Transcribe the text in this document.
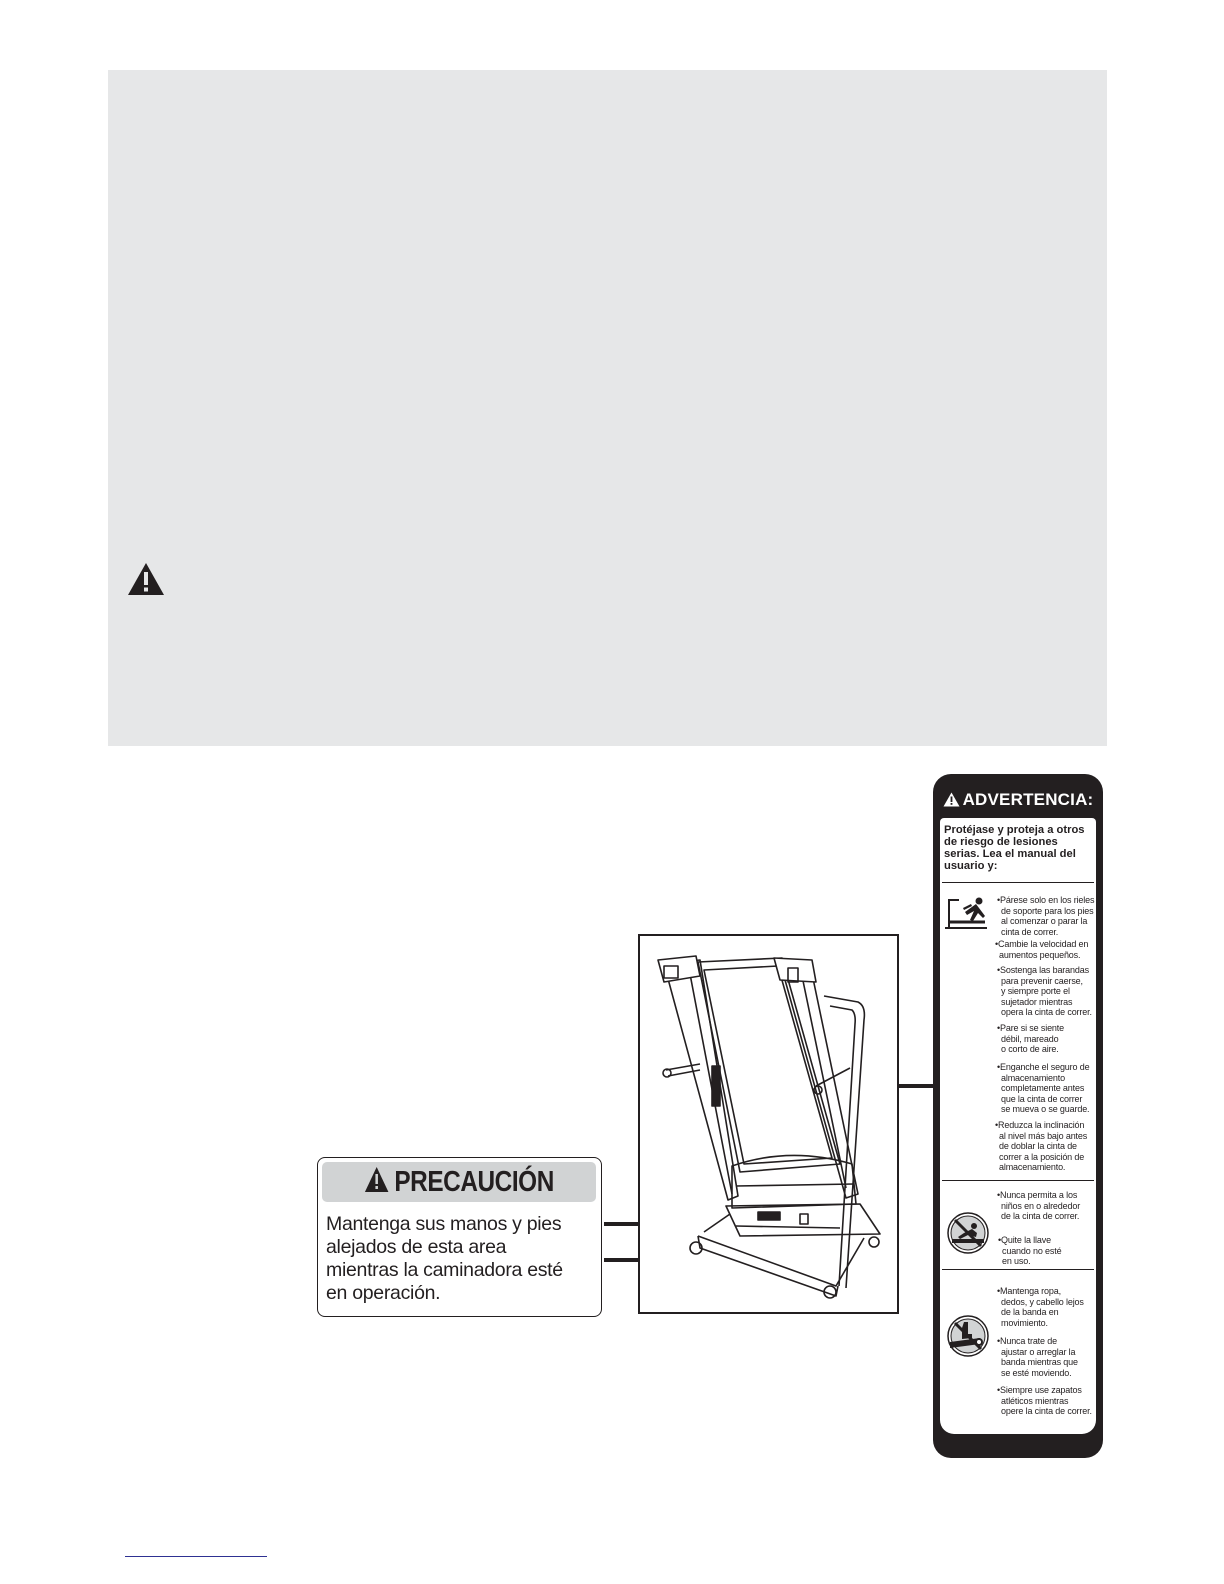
PRECAUCIÓN
Mantenga sus manos y pies
alejados de esta area
mientras la caminadora esté
en operación.
ADVERTENCIA:
Protéjase y proteja a otros de riesgo de lesiones serias. Lea el manual del usuario y:
•Párese solo en los rieles
de soporte para los pies
al comenzar o parar la
cinta de correr.
•Cambie la velocidad en
aumentos pequeños.
•Sostenga las barandas
para prevenir caerse,
y siempre porte el
sujetador mientras
opera la cinta de correr.
•Pare si se siente
débil, mareado
o corto de aire.
•Enganche el seguro de
almacenamiento
completamente antes
que la cinta de correr
se mueva o se guarde.
•Reduzca la inclinación
al nivel más bajo antes
de doblar la cinta de
correr a la posición de
almacenamiento.
•Nunca permita a los
niños en o alrededor
de la cinta de correr.
•Quite la llave
cuando no esté
en uso.
•Mantenga ropa,
dedos, y cabello lejos
de la banda en
movimiento.
•Nunca trate de
ajustar o arreglar la
banda mientras que
se esté moviendo.
•Siempre use zapatos
atléticos mientras
opere la cinta de correr.
